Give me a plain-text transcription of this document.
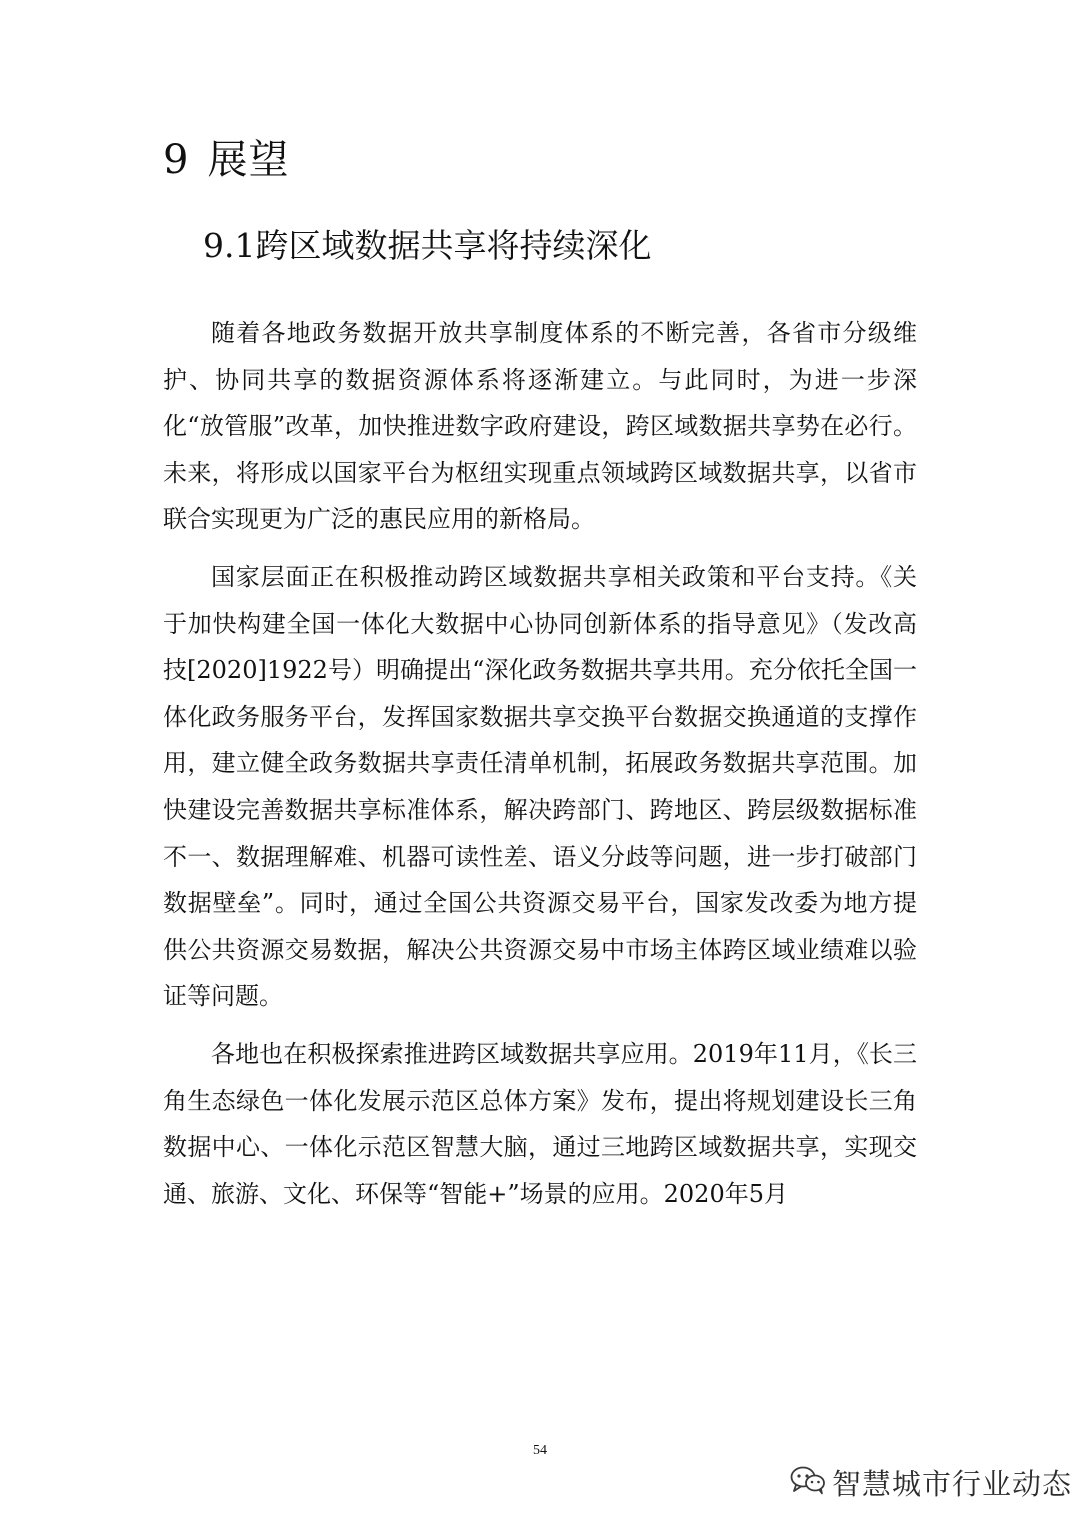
9 展望
9.1跨区域数据共享将持续深化

随着各地政务数据开放共享制度体系的不断完善，各省市分级维护、协同共享的数据资源体系将逐渐建立。与此同时，为进一步深化“放管服”改革，加快推进数字政府建设，跨区域数据共享势在必行。未来，将形成以国家平台为枢纽实现重点领域跨区域数据共享，以省市联合实现更为广泛的惠民应用的新格局。

国家层面正在积极推动跨区域数据共享相关政策和平台支持。《关于加快构建全国一体化大数据中心协同创新体系的指导意见》（发改高技[2020]1922号）明确提出“深化政务数据共享共用。充分依托全国一体化政务服务平台，发挥国家数据共享交换平台数据交换通道的支撑作用，建立健全政务数据共享责任清单机制，拓展政务数据共享范围。加快建设完善数据共享标准体系，解决跨部门、跨地区、跨层级数据标准不一、数据理解难、机器可读性差、语义分歧等问题，进一步打破部门数据壁垒”。同时，通过全国公共资源交易平台，国家发改委为地方提供公共资源交易数据，解决公共资源交易中市场主体跨区域业绩难以验证等问题。

各地也在积极探索推进跨区域数据共享应用。2019年11月，《长三角生态绿色一体化发展示范区总体方案》发布，提出将规划建设长三角数据中心、一体化示范区智慧大脑，通过三地跨区域数据共享，实现交通、旅游、文化、环保等“智能+”场景的应用。2020年5月

54
智慧城市行业动态
